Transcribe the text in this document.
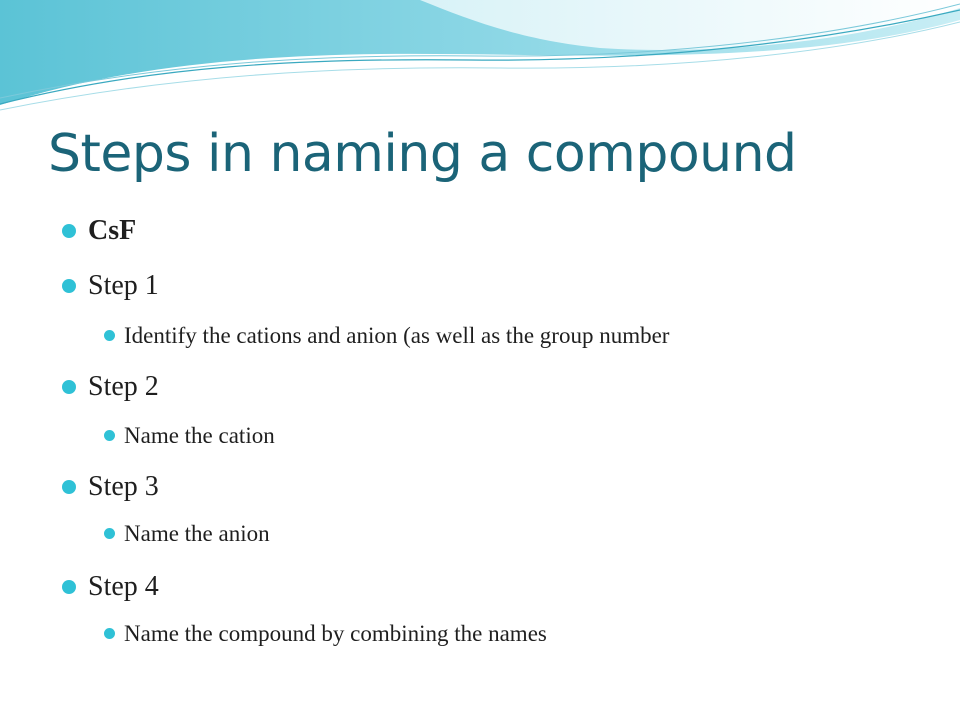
Steps in naming a compound
CsF
Step 1
Identify the cations and anion (as well as the group number
Step 2
Name the cation
Step 3
Name the anion
Step 4
Name the compound by combining the names
